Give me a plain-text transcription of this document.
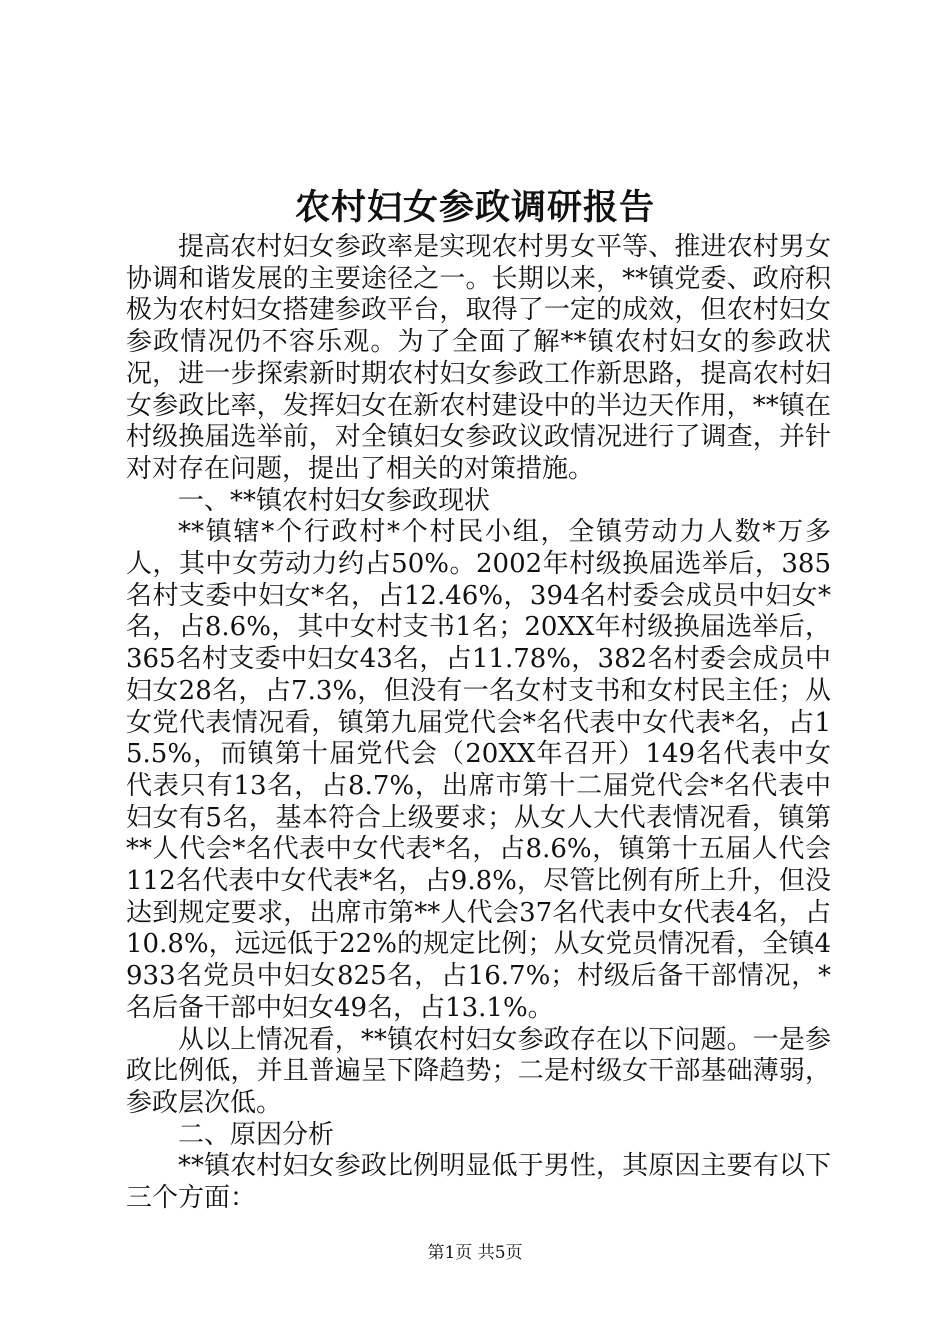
农村妇女参政调研报告

提高农村妇女参政率是实现农村男女平等、推进农村男女协调和谐发展的主要途径之一。长期以来，**镇党委、政府积极为农村妇女搭建参政平台，取得了一定的成效，但农村妇女参政情况仍不容乐观。为了全面了解**镇农村妇女的参政状况，进一步探索新时期农村妇女参政工作新思路，提高农村妇女参政比率，发挥妇女在新农村建设中的半边天作用，**镇在村级换届选举前，对全镇妇女参政议政情况进行了调查，并针对对存在问题，提出了相关的对策措施。

一、**镇农村妇女参政现状

**镇辖*个行政村*个村民小组，全镇劳动力人数*万多人，其中女劳动力约占50%。2002年村级换届选举后，385名村支委中妇女*名，占12.46%，394名村委会成员中妇女*名，占8.6%，其中女村支书1名；20XX年村级换届选举后，365名村支委中妇女43名，占11.78%，382名村委会成员中妇女28名，占7.3%，但没有一名女村支书和女村民主任；从女党代表情况看，镇第九届党代会*名代表中女代表*名，占15.5%，而镇第十届党代会（20XX年召开）149名代表中女代表只有13名，占8.7%，出席市第十二届党代会*名代表中妇女有5名，基本符合上级要求；从女人大代表情况看，镇第**人代会*名代表中女代表*名，占8.6%，镇第十五届人代会112名代表中女代表*名，占9.8%，尽管比例有所上升，但没达到规定要求，出席市第**人代会37名代表中女代表4名，占10.8%，远远低于22%的规定比例；从女党员情况看，全镇4933名党员中妇女825名，占16.7%；村级后备干部情况，*名后备干部中妇女49名，占13.1%。

从以上情况看，**镇农村妇女参政存在以下问题。一是参政比例低，并且普遍呈下降趋势；二是村级女干部基础薄弱，参政层次低。

二、原因分析

**镇农村妇女参政比例明显低于男性，其原因主要有以下三个方面：

第1页 共5页
